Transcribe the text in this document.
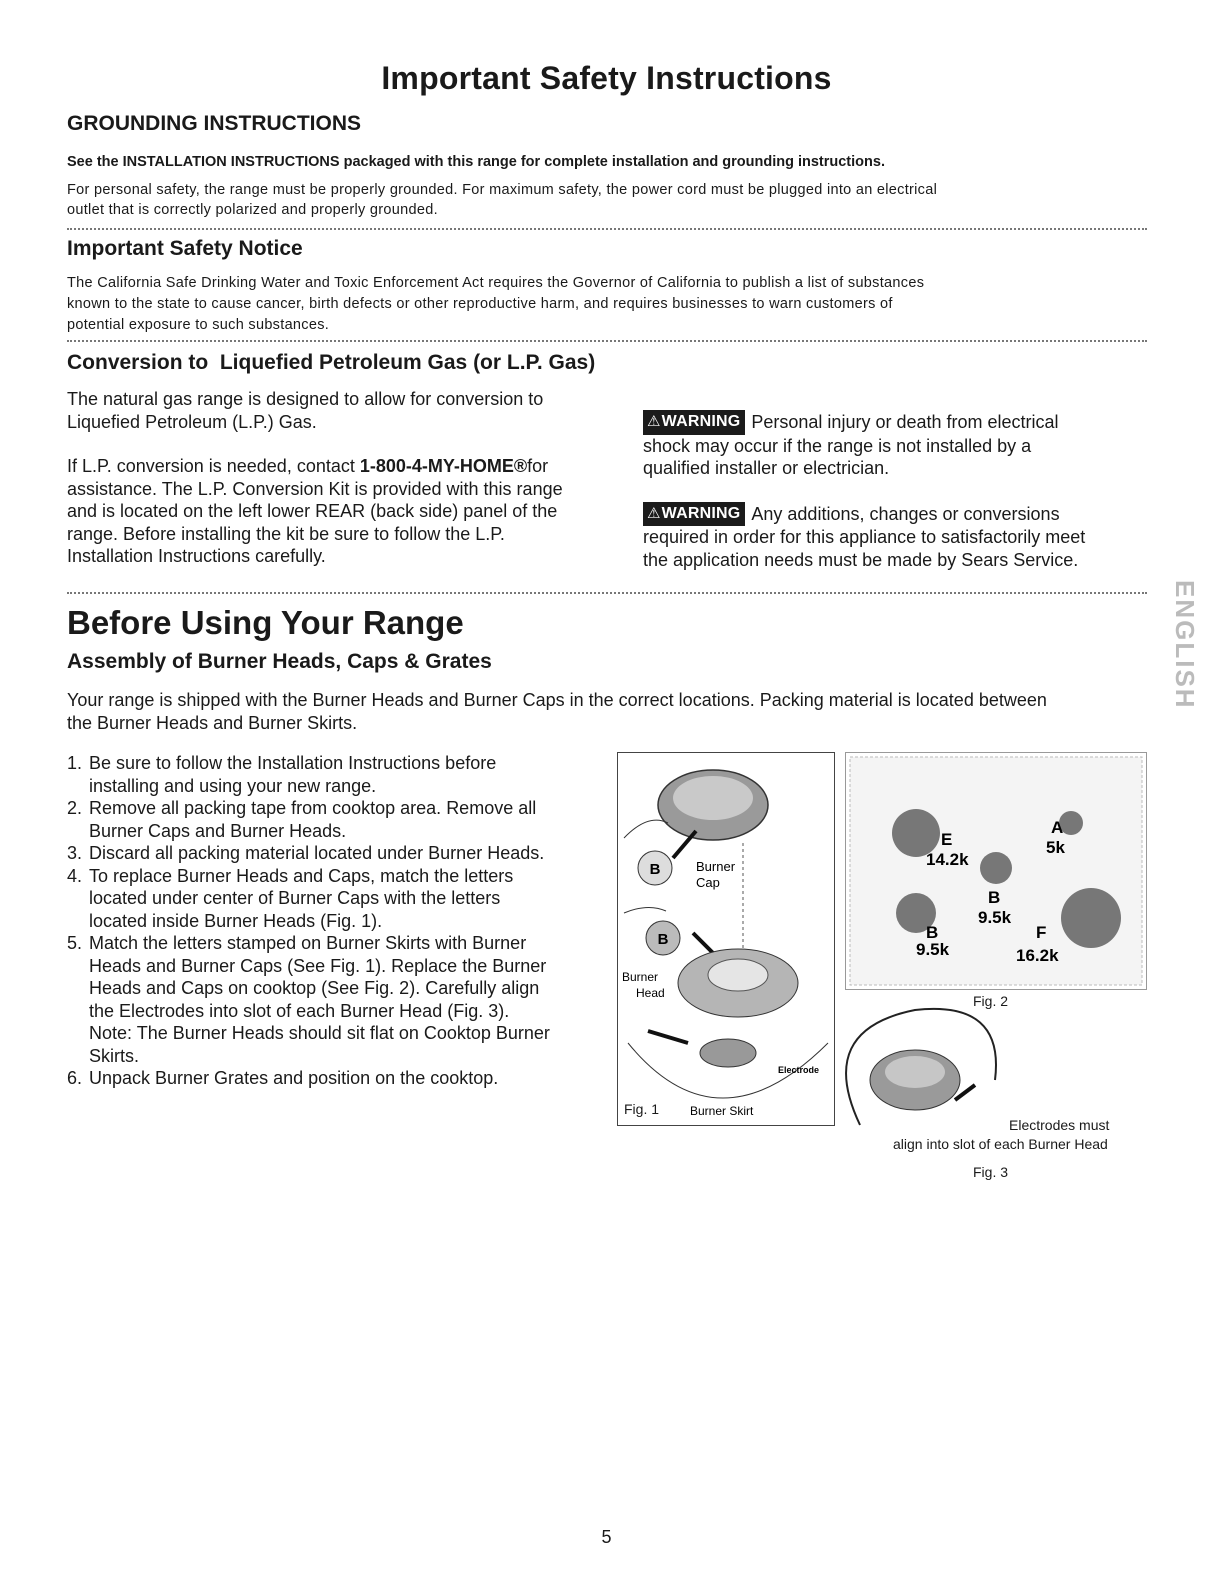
Important Safety Instructions
GROUNDING INSTRUCTIONS
See the INSTALLATION INSTRUCTIONS packaged with this range for complete installation and grounding instructions.
For personal safety, the range must be properly grounded. For maximum safety, the power cord must be plugged into an electrical
outlet that is correctly polarized and properly grounded.
Important Safety Notice
The California Safe Drinking Water and Toxic Enforcement Act requires the Governor of California to publish a list of substances
known to the state to cause cancer, birth defects or other reproductive harm, and requires businesses to warn customers of
potential exposure to such substances.
Conversion to  Liquefied Petroleum Gas (or L.P. Gas)
The natural gas range is designed to allow for conversion to
Liquefied Petroleum (L.P.) Gas.
If L.P. conversion is needed, contact 1-800-4-MY-HOME®for
assistance. The L.P. Conversion Kit is provided with this range
and is located on the left lower REAR (back side) panel of the
range. Before installing the kit be sure to follow the L.P.
Installation Instructions carefully.
⚠WARNING Personal injury or death from electrical
shock may occur if the range is not installed by a
qualified installer or electrician.
⚠WARNING Any additions, changes or conversions
required in order for this appliance to satisfactorily meet
the application needs must be made by Sears Service.
ENGLISH
Before Using Your Range
Assembly of Burner Heads, Caps & Grates
Your range is shipped with the Burner Heads and Burner Caps in the correct locations. Packing material is located between
the Burner Heads and Burner Skirts.
1. Be sure to follow the Installation Instructions before
installing and using your new range.
2. Remove all packing tape from cooktop area. Remove all
Burner Caps and Burner Heads.
3. Discard all packing material located under Burner Heads.
4. To replace Burner Heads and Caps, match the letters
located under center of Burner Caps with the letters
located inside Burner Heads (Fig. 1).
5. Match the letters stamped on Burner Skirts with Burner
Heads and Burner Caps (See Fig. 1). Replace the Burner
Heads and Caps on cooktop (See Fig. 2). Carefully align
the Electrodes into slot of each Burner Head (Fig. 3).
Note: The Burner Heads should sit flat on Cooktop Burner
Skirts.
6. Unpack Burner Grates and position on the cooktop.
B	Burner
Cap
B
Burner
Head
Electrode
Burner Skirt
Fig. 1
E
14.2k
A
5k
B
9.5k
B
9.5k
F
16.2k
Fig. 2
Electrodes must
align into slot of each Burner Head
Fig. 3
5
